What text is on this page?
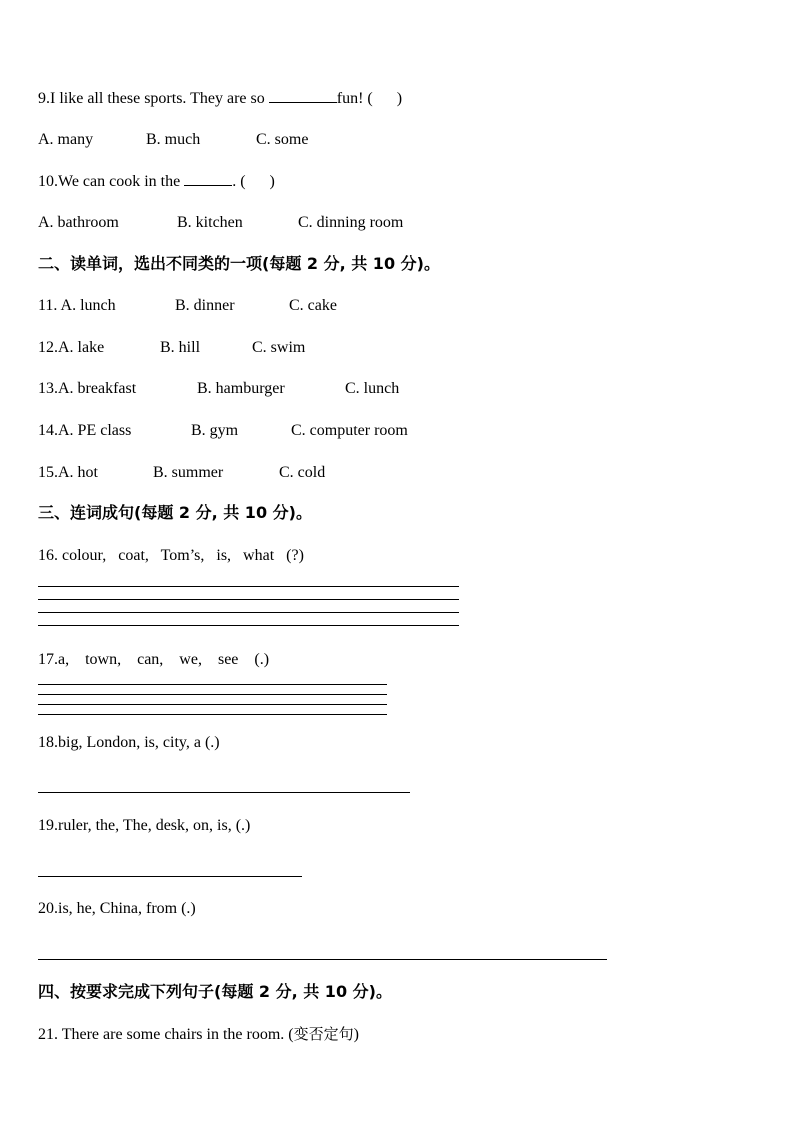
9.I like all these sports. They are so	fun! (      )
A. many	B. much	C. some
10.We can cook in the	. (      )
A. bathroom	B. kitchen	C. dinning room
二、读单词，选出不同类的一项(每题 2 分, 共 10 分)。
11. A. lunch	B. dinner	C. cake
12.A. lake	B. hill	C. swim
13.A. breakfast	B. hamburger	C. lunch
14.A. PE class	B. gym	C. computer room
15.A. hot	B. summer	C. cold
三、连词成句(每题 2 分, 共 10 分)。
16. colour,   coat,   Tom’s,   is,   what   (?)
17.a,    town,    can,    we,    see    (.)
18.big, London, is, city, a (.)
19.ruler, the, The, desk, on, is, (.)
20.is, he, China, from (.)
四、按要求完成下列句子(每题 2 分, 共 10 分)。
21. There are some chairs in the room. (变否定句)
